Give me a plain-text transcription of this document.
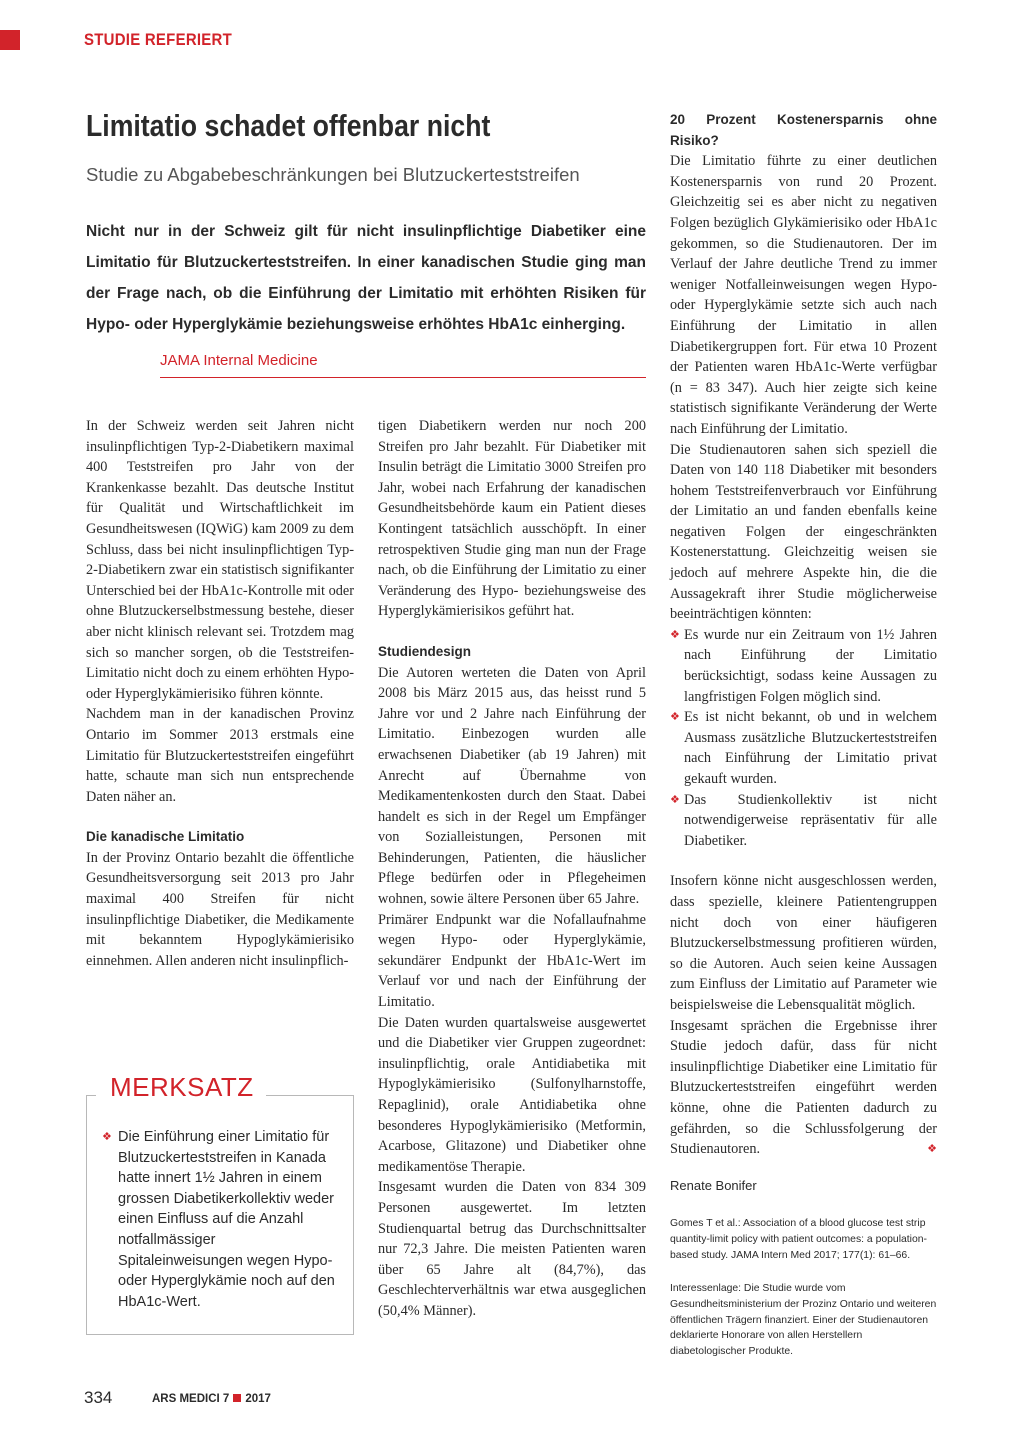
STUDIE REFERIERT
Limitatio schadet offenbar nicht
Studie zu Abgabebeschränkungen bei Blutzuckerteststreifen
Nicht nur in der Schweiz gilt für nicht insulinpflichtige Diabetiker eine Limitatio für Blutzuckerteststreifen. In einer kanadischen Studie ging man der Frage nach, ob die Einführung der Limitatio mit erhöhten Risiken für Hypo- oder Hyperglykämie beziehungsweise erhöhtes HbA1c einherging.
JAMA Internal Medicine

In der Schweiz werden seit Jahren nicht insulinpflichtigen Typ-2-Diabetikern maximal 400 Teststreifen pro Jahr von der Krankenkasse bezahlt. Das deutsche Institut für Qualität und Wirtschaftlichkeit im Gesundheitswesen (IQWiG) kam 2009 zu dem Schluss, dass bei nicht insulinpflichtigen Typ-2-Diabetikern zwar ein statistisch signifikanter Unterschied bei der HbA1c-Kontrolle mit oder ohne Blutzuckerselbstmessung bestehe, dieser aber nicht klinisch relevant sei. Trotzdem mag sich so mancher sorgen, ob die Teststreifen-Limitatio nicht doch zu einem erhöhten Hypo- oder Hyperglykämierisiko führen könnte.

Nachdem man in der kanadischen Provinz Ontario im Sommer 2013 erstmals eine Limitatio für Blutzuckerteststreifen eingeführt hatte, schaute man sich nun entsprechende Daten näher an.

Die kanadische Limitatio

In der Provinz Ontario bezahlt die öffentliche Gesundheitsversorgung seit 2013 pro Jahr maximal 400 Streifen für nicht insulinpflichtige Diabetiker, die Medikamente mit bekanntem Hypoglykämierisiko einnehmen. Allen anderen nicht insulinpflich-

MERKSATZ
❖ Die Einführung einer Limitatio für Blutzuckerteststreifen in Kanada hatte innert 1½ Jahren in einem grossen Diabetikerkollektiv weder einen Einfluss auf die Anzahl notfallmässiger Spitaleinweisungen wegen Hypo- oder Hyperglykämie noch auf den HbA1c-Wert.

tigen Diabetikern werden nur noch 200 Streifen pro Jahr bezahlt. Für Diabetiker mit Insulin beträgt die Limitatio 3000 Streifen pro Jahr, wobei nach Erfahrung der kanadischen Gesundheitsbehörde kaum ein Patient dieses Kontingent tatsächlich ausschöpft. In einer retrospektiven Studie ging man nun der Frage nach, ob die Einführung der Limitatio zu einer Veränderung des Hypo- beziehungsweise des Hyperglykämierisikos geführt hat.

Studiendesign

Die Autoren werteten die Daten von April 2008 bis März 2015 aus, das heisst rund 5 Jahre vor und 2 Jahre nach Einführung der Limitatio. Einbezogen wurden alle erwachsenen Diabetiker (ab 19 Jahren) mit Anrecht auf Übernahme von Medikamentenkosten durch den Staat. Dabei handelt es sich in der Regel um Empfänger von Sozialleistungen, Personen mit Behinderungen, Patienten, die häuslicher Pflege bedürfen oder in Pflegeheimen wohnen, sowie ältere Personen über 65 Jahre.

Primärer Endpunkt war die Nofallaufnahme wegen Hypo- oder Hyperglykämie, sekundärer Endpunkt der HbA1c-Wert im Verlauf vor und nach der Einführung der Limitatio.

Die Daten wurden quartalsweise ausgewertet und die Diabetiker vier Gruppen zugeordnet: insulinpflichtig, orale Antidiabetika mit Hypoglykämierisiko (Sulfonylharnstoffe, Repaglinid), orale Antidiabetika ohne besonderes Hypoglykämierisiko (Metformin, Acarbose, Glitazone) und Diabetiker ohne medikamentöse Therapie.

Insgesamt wurden die Daten von 834 309 Personen ausgewertet. Im letzten Studienquartal betrug das Durchschnittsalter nur 72,3 Jahre. Die meisten Patienten waren über 65 Jahre alt (84,7%), das Geschlechterverhältnis war etwa ausgeglichen (50,4% Männer).

20 Prozent Kostenersparnis ohne Risiko?

Die Limitatio führte zu einer deutlichen Kostenersparnis von rund 20 Prozent. Gleichzeitig sei es aber nicht zu negativen Folgen bezüglich Glykämierisiko oder HbA1c gekommen, so die Studienautoren. Der im Verlauf der Jahre deutliche Trend zu immer weniger Notfalleinweisungen wegen Hypo- oder Hyperglykämie setzte sich auch nach Einführung der Limitatio in allen Diabetikergruppen fort. Für etwa 10 Prozent der Patienten waren HbA1c-Werte verfügbar (n = 83 347). Auch hier zeigte sich keine statistisch signifikante Veränderung der Werte nach Einführung der Limitatio.

Die Studienautoren sahen sich speziell die Daten von 140 118 Diabetiker mit besonders hohem Teststreifenverbrauch vor Einführung der Limitatio an und fanden ebenfalls keine negativen Folgen der eingeschränkten Kostenerstattung. Gleichzeitig weisen sie jedoch auf mehrere Aspekte hin, die die Aussagekraft ihrer Studie möglicherweise beeinträchtigen könnten:

❖ Es wurde nur ein Zeitraum von 1½ Jahren nach Einführung der Limitatio berücksichtigt, sodass keine Aussagen zu langfristigen Folgen möglich sind.
❖ Es ist nicht bekannt, ob und in welchem Ausmass zusätzliche Blutzuckerteststreifen nach Einführung der Limitatio privat gekauft wurden.
❖ Das Studienkollektiv ist nicht notwendigerweise repräsentativ für alle Diabetiker.

Insofern könne nicht ausgeschlossen werden, dass spezielle, kleinere Patientengruppen nicht doch von einer häufigeren Blutzuckerselbstmessung profitieren würden, so die Autoren. Auch seien keine Aussagen zum Einfluss der Limitatio auf Parameter wie beispielsweise die Lebensqualität möglich.

Insgesamt sprächen die Ergebnisse ihrer Studie jedoch dafür, dass für nicht insulinpflichtige Diabetiker eine Limitatio für Blutzuckerteststreifen eingeführt werden könne, ohne die Patienten dadurch zu gefährden, so die Schlussfolgerung der Studienautoren.	❖

Renate Bonifer
Gomes T et al.: Association of a blood glucose test strip quantity-limit policy with patient outcomes: a population-based study. JAMA Intern Med 2017; 177(1): 61–66.
Interessenlage: Die Studie wurde vom Gesundheitsministerium der Prozinz Ontario und weiteren öffentlichen Trägern finanziert. Einer der Studienautoren deklarierte Honorare von allen Herstellern diabetologischer Produkte.
334	ARS MEDICI 7 2017
